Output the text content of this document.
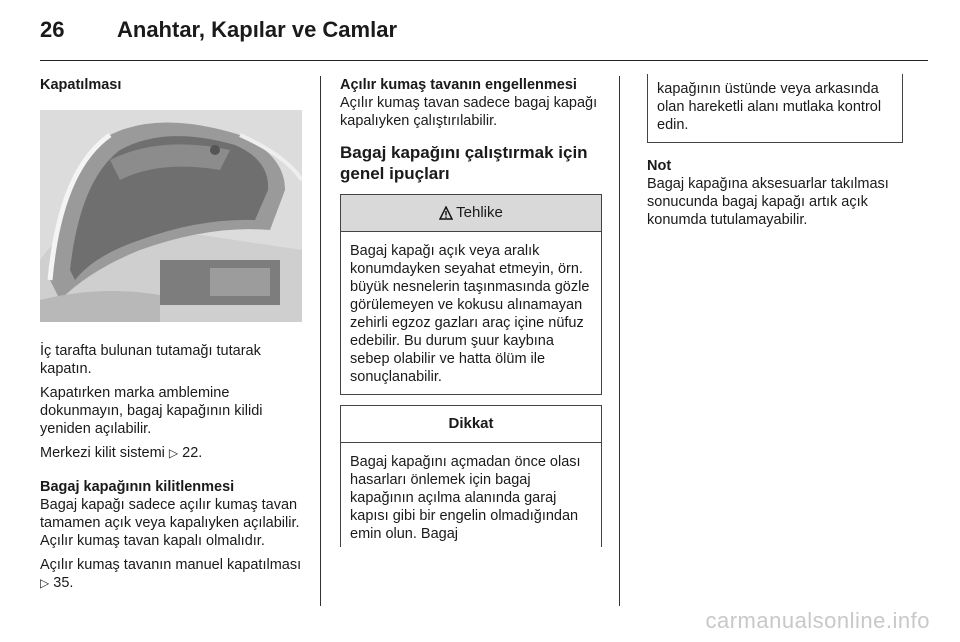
26 Anahtar, Kapılar ve Camlar

Kapatılması

İç tarafta bulunan tutamağı tutarak kapatın.

Kapatırken marka amblemine dokunmayın, bagaj kapağının kilidi yeniden açılabilir.

Merkezi kilit sistemi ▷ 22.

Bagaj kapağının kilitlenmesi

Bagaj kapağı sadece açılır kumaş tavan tamamen açık veya kapalıyken açılabilir. Açılır kumaş tavan kapalı olmalıdır.

Açılır kumaş tavanın manuel kapatılması ▷ 35.

Açılır kumaş tavanın engellenmesi

Açılır kumaş tavan sadece bagaj kapağı kapalıyken çalıştırılabilir.

Bagaj kapağını çalıştırmak için genel ipuçları
Tehlike
Bagaj kapağı açık veya aralık konumdayken seyahat etmeyin, örn. büyük nesnelerin taşınmasında gözle görülemeyen ve kokusu alınamayan zehirli egzoz gazları araç içine nüfuz edebilir. Bu durum şuur kaybına sebep olabilir ve hatta ölüm ile sonuçlanabilir.
Dikkat
Bagaj kapağını açmadan önce olası hasarları önlemek için bagaj kapağının açılma alanında garaj kapısı gibi bir engelin olmadığından emin olun. Bagaj
kapağının üstünde veya arkasında olan hareketli alanı mutlaka kontrol edin.

Not

Bagaj kapağına aksesuarlar takılması sonucunda bagaj kapağı artık açık konumda tutulamayabilir.

carmanualsonline.info
